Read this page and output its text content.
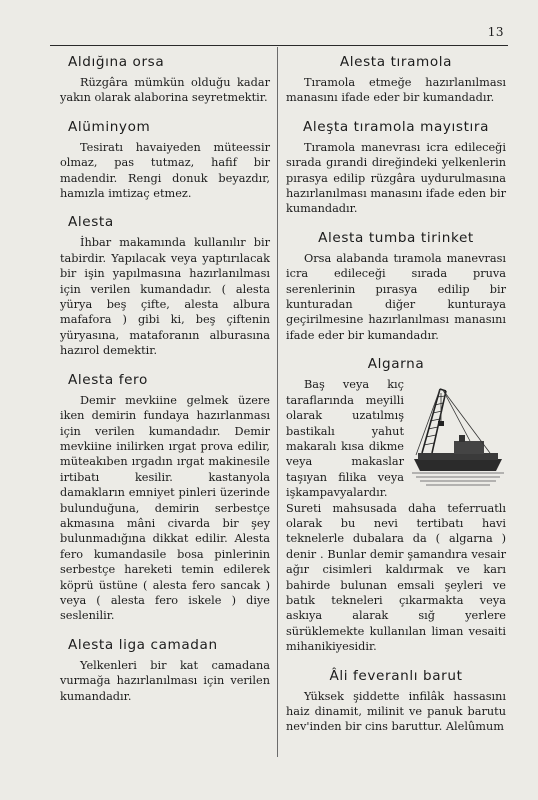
13
Aldığına orsa

Rüzgâra mümkün olduğu kadar yakın olarak alaborina seyretmektir.

Alüminyom

Tesiratı havaiyeden müteessir olmaz, pas tutmaz, hafif bir madendir. Rengi donuk beyazdır, hamızla imtizaç etmez.

Alesta

İhbar makamında kullanılır bir tabirdir. Yapılacak veya yaptırılacak bir işin yapılmasına hazırlanılması için verilen kumandadır. ( alesta yürya beş çifte, alesta albura mafafora ) gibi ki, beş çiftenin yüryasına, mataforanın alburasına hazırol demektir.

Alesta fero

Demir mevkiine gelmek üzere iken demirin fundaya hazırlanması için verilen kumandadır. Demir mevkiine inilirken ırgat prova edilir, müteakıben ırgadın ırgat makinesile irtibatı kesilir. kastanyola damakların emniyet pinleri üzerinde bulunduğuna, demirin serbestçe akmasına mâni civarda bir şey bulunmadığına dikkat edilir. Alesta fero kumandasile bosa pinlerinin serbestçe hareketi temin edilerek köprü üstüne ( alesta fero sancak ) veya ( alesta fero iskele ) diye seslenilir.

Alesta liga camadan

Yelkenleri bir kat camadana vurmağa hazırlanılması için verilen kumandadır.

Alesta tıramola

Tıramola etmeğe hazırlanılması manasını ifade eder bir kumandadır.

Aleşta tıramola mayıstıra

Tıramola manevrası icra edileceği sırada gırandi direğindeki yelkenlerin pırasya edilip rüzgâra uydurulmasına hazırlanılması manasını ifade eden bir kumandadır.

Alesta tumba tirinket

Orsa alabanda tıramola manevrası icra edileceği sırada pruva serenlerinin pırasya edilip bir kunturadan diğer kunturaya geçirilmesine hazırlanılması manasını ifade eder bir kumandadır.

Algarna

Baş veya kıç taraflarında meyilli olarak uzatılmış bastikalı yahut makaralı kısa dikme veya makaslar taşıyan filika veya işkampavyalardır. Sureti mahsusada daha teferruatlı olarak bu nevi tertibatı havi teknelerle dubalara da ( algarna ) denir . Bunlar demir şamandıra vesair ağır cisimleri kaldırmak ve karı bahirde bulunan emsali şeyleri ve batık tekneleri çıkarmakta veya askıya alarak sığ yerlere sürüklemekte kullanılan liman vesaiti mihanikiyesidir.

Âli feveranlı barut

Yüksek şiddette infilâk hassasını haiz dinamit, milinit ve panuk barutu nev'inden bir cins baruttur. Alelûmum
